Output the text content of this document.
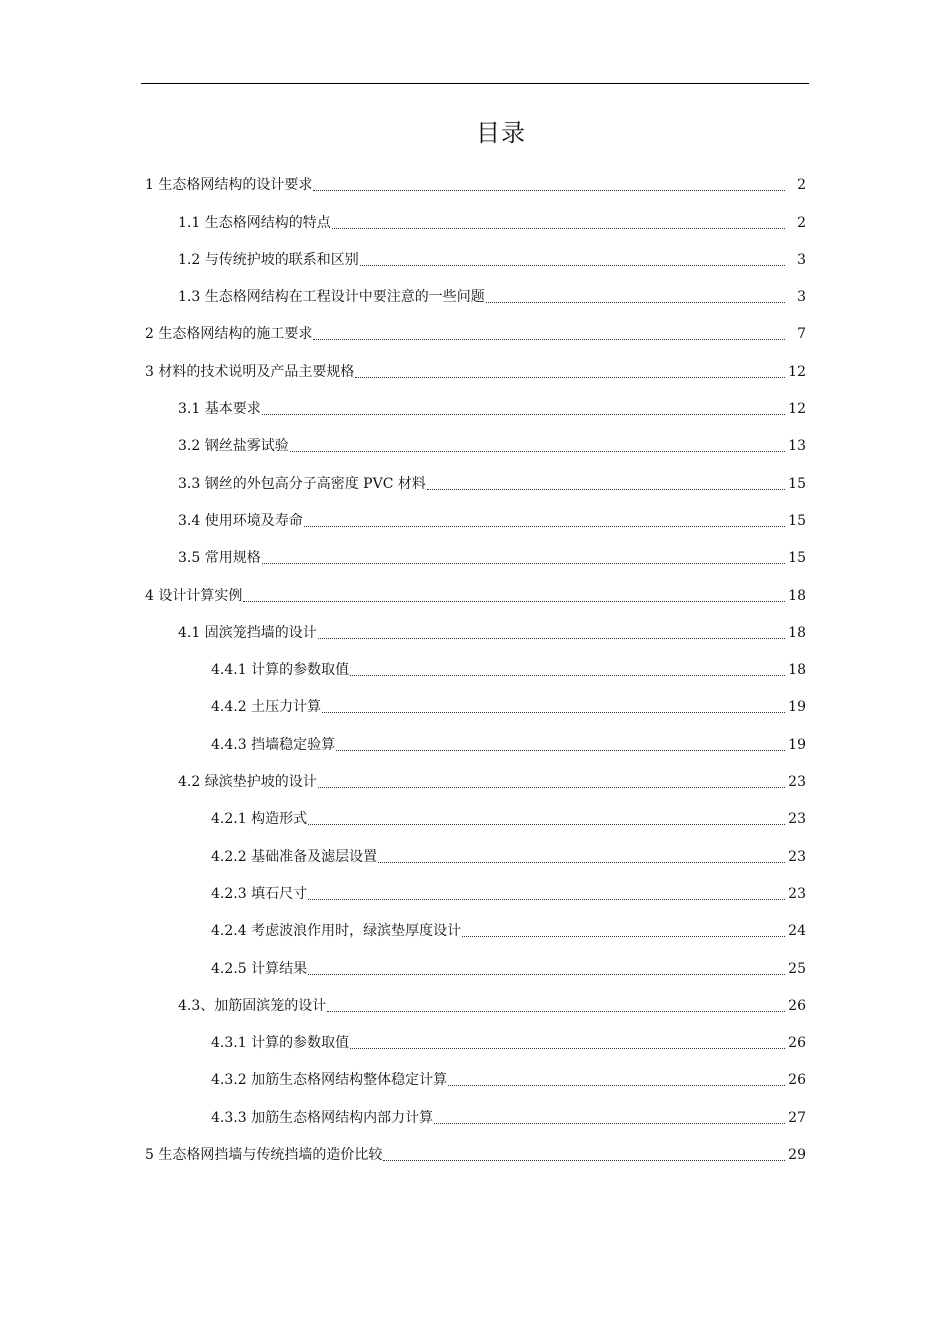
目录
1 生态格网结构的设计要求	2
1.1 生态格网结构的特点	2
1.2 与传统护坡的联系和区别	3
1.3 生态格网结构在工程设计中要注意的一些问题	3
2 生态格网结构的施工要求	7
3 材料的技术说明及产品主要规格	12
3.1 基本要求	12
3.2 钢丝盐雾试验	13
3.3 钢丝的外包高分子高密度 PVC 材料	15
3.4 使用环境及寿命	15
3.5 常用规格	15
4 设计计算实例	18
4.1 固滨笼挡墙的设计	18
4.4.1 计算的参数取值	18
4.4.2 土压力计算	19
4.4.3 挡墙稳定验算	19
4.2 绿滨垫护坡的设计	23
4.2.1 构造形式	23
4.2.2 基础准备及滤层设置	23
4.2.3 填石尺寸	23
4.2.4 考虑波浪作用时，绿滨垫厚度设计	24
4.2.5 计算结果	25
4.3、加筋固滨笼的设计	26
4.3.1 计算的参数取值	26
4.3.2 加筋生态格网结构整体稳定计算	26
4.3.3 加筋生态格网结构内部力计算	27
5 生态格网挡墙与传统挡墙的造价比较	29
